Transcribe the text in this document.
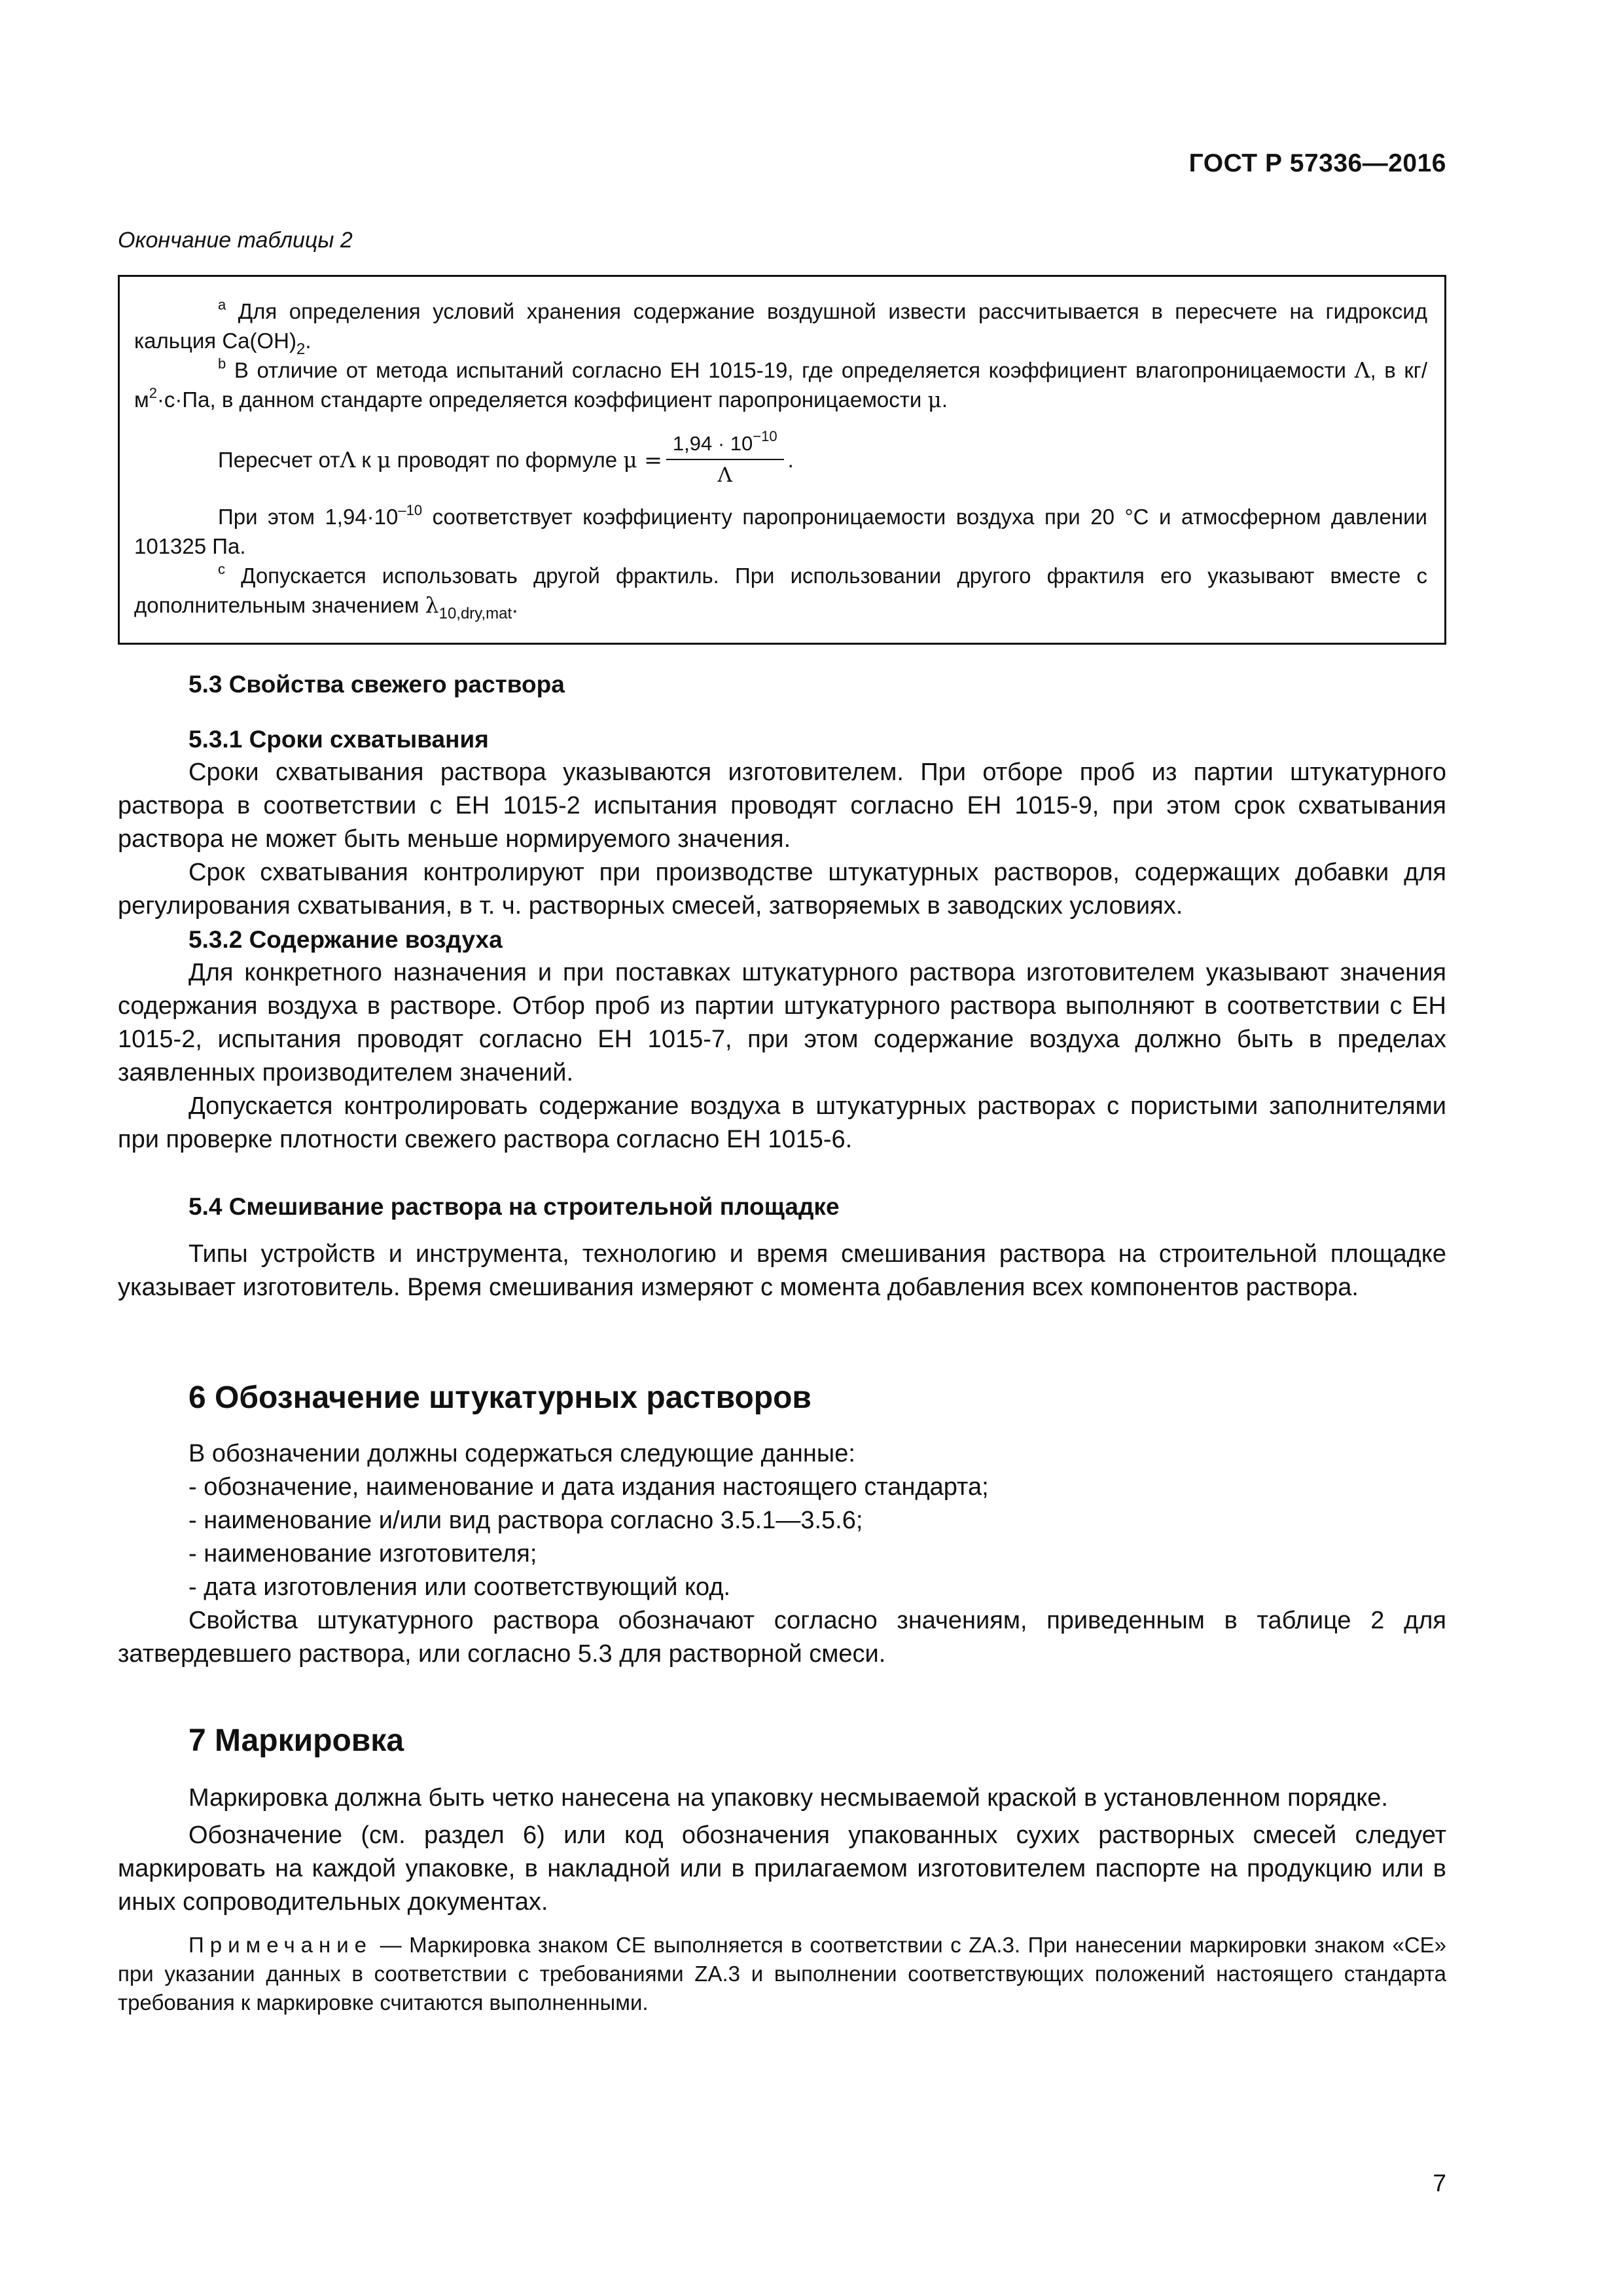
ГОСТ Р 57336—2016
Окончание таблицы 2

$^а$ Для определения условий хранения содержание воздушной извести рассчитывается в пересчете на гидроксид кальция $Ca(OH)_2$.

$^b$ В отличие от метода испытаний согласно ЕН 1015-19, где определяется коэффициент влагопроницаемости Λ, в $кг/м^2\cdot с\cdot Па$, в данном стандарте определяется коэффициент паропроницаемости μ.

Пересчет от Λ к μ проводят по формуле $\mu = \frac{1,94 \cdot 10^{-10}}{\Lambda}$ .

При этом $1,94\cdot 10^{-10}$ соответствует коэффициенту паропроницаемости воздуха при 20 °С и атмосферном давлении 101325 Па.

$^с$ Допускается использовать другой фрактиль. При использовании другого фрактиля его указывают вместе с дополнительным значением $\lambda_{10,dry,mat}$.

5.3 Свойства свежего раствора

5.3.1 Сроки схватывания

Сроки схватывания раствора указываются изготовителем. При отборе проб из партии штукатурного раствора в соответствии с ЕН 1015-2 испытания проводят согласно ЕН 1015-9, при этом срок схватывания раствора не может быть меньше нормируемого значения.

Срок схватывания контролируют при производстве штукатурных растворов, содержащих добавки для регулирования схватывания, в т. ч. растворных смесей, затворяемых в заводских условиях.

5.3.2 Содержание воздуха

Для конкретного назначения и при поставках штукатурного раствора изготовителем указывают значения содержания воздуха в растворе. Отбор проб из партии штукатурного раствора выполняют в соответствии с ЕН 1015-2, испытания проводят согласно ЕН 1015-7, при этом содержание воздуха должно быть в пределах заявленных производителем значений.

Допускается контролировать содержание воздуха в штукатурных растворах с пористыми заполнителями при проверке плотности свежего раствора согласно ЕН 1015-6.

5.4 Смешивание раствора на строительной площадке

Типы устройств и инструмента, технологию и время смешивания раствора на строительной площадке указывает изготовитель. Время смешивания измеряют с момента добавления всех компонентов раствора.

6 Обозначение штукатурных растворов

В обозначении должны содержаться следующие данные:

- обозначение, наименование и дата издания настоящего стандарта;

- наименование и/или вид раствора согласно 3.5.1—3.5.6;

- наименование изготовителя;

- дата изготовления или соответствующий код.

Свойства штукатурного раствора обозначают согласно значениям, приведенным в таблице 2 для затвердевшего раствора, или согласно 5.3 для растворной смеси.

7 Маркировка

Маркировка должна быть четко нанесена на упаковку несмываемой краской в установленном порядке.

Обозначение (см. раздел 6) или код обозначения упакованных сухих растворных смесей следует маркировать на каждой упаковке, в накладной или в прилагаемом изготовителем паспорте на продукцию или в иных сопроводительных документах.

Примечание — Маркировка знаком СЕ выполняется в соответствии с ZA.3. При нанесении маркировки знаком «СЕ» при указании данных в соответствии с требованиями ZA.3 и выполнении соответствующих положений настоящего стандарта требования к маркировке считаются выполненными.

7
